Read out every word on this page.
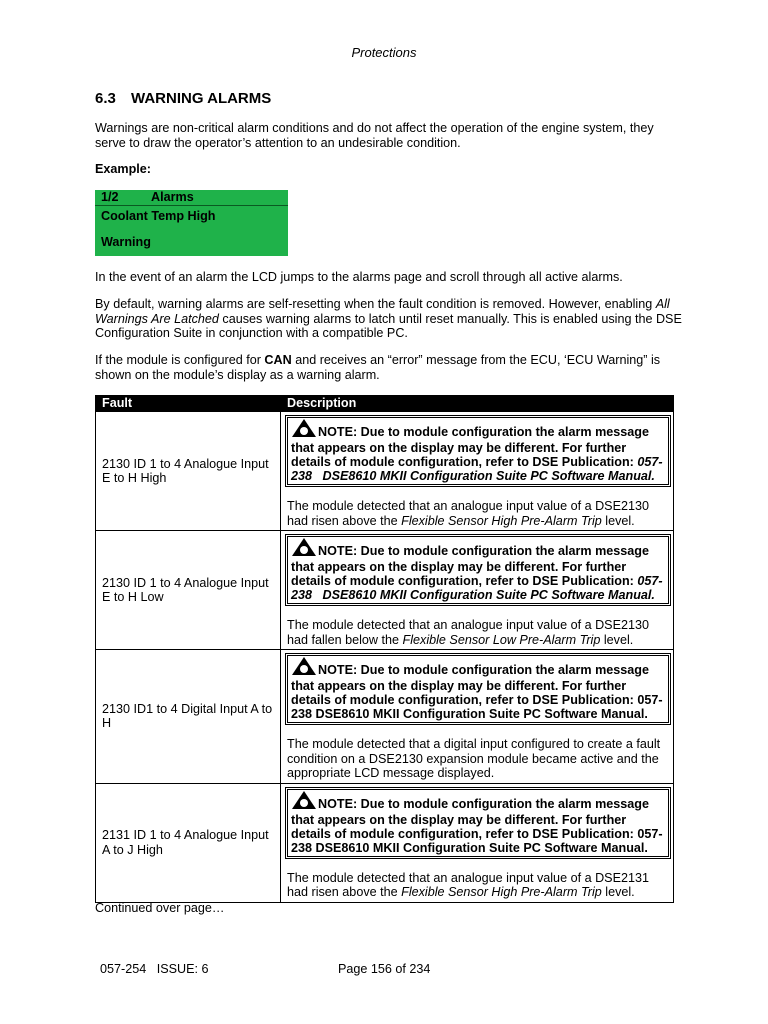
Protections
6.3 WARNING ALARMS
Warnings are non-critical alarm conditions and do not affect the operation of the engine system, they serve to draw the operator’s attention to an undesirable condition.
Example:
1/2	Alarms
Coolant Temp High
Warning
In the event of an alarm the LCD jumps to the alarms page and scroll through all active alarms.
By default, warning alarms are self-resetting when the fault condition is removed. However, enabling All Warnings Are Latched causes warning alarms to latch until reset manually. This is enabled using the DSE Configuration Suite in conjunction with a compatible PC.
If the module is configured for CAN and receives an “error” message from the ECU, ‘ECU Warning” is shown on the module’s display as a warning alarm.
Fault	Description
2130 ID 1 to 4 Analogue Input E to H High	NOTE: Due to module configuration the alarm message that appears on the display may be different. For further details of module configuration, refer to DSE Publication: 057-238   DSE8610 MKII Configuration Suite PC Software Manual.
The module detected that an analogue input value of a DSE2130 had risen above the Flexible Sensor High Pre-Alarm Trip level.

2130 ID 1 to 4 Analogue Input E to H Low	NOTE: Due to module configuration the alarm message that appears on the display may be different. For further details of module configuration, refer to DSE Publication: 057-238   DSE8610 MKII Configuration Suite PC Software Manual.
The module detected that an analogue input value of a DSE2130 had fallen below the Flexible Sensor Low Pre-Alarm Trip level.

2130 ID1 to 4 Digital Input A to H	NOTE: Due to module configuration the alarm message that appears on the display may be different. For further details of module configuration, refer to DSE Publication: 057-238 DSE8610 MKII Configuration Suite PC Software Manual.
The module detected that a digital input configured to create a fault condition on a DSE2130 expansion module became active and the appropriate LCD message displayed.

2131 ID 1 to 4 Analogue Input A to J High	NOTE: Due to module configuration the alarm message that appears on the display may be different. For further details of module configuration, refer to DSE Publication: 057-238 DSE8610 MKII Configuration Suite PC Software Manual.
The module detected that an analogue input value of a DSE2131 had risen above the Flexible Sensor High Pre-Alarm Trip level.
Continued over page…
057-254   ISSUE: 6	Page 156 of 234
